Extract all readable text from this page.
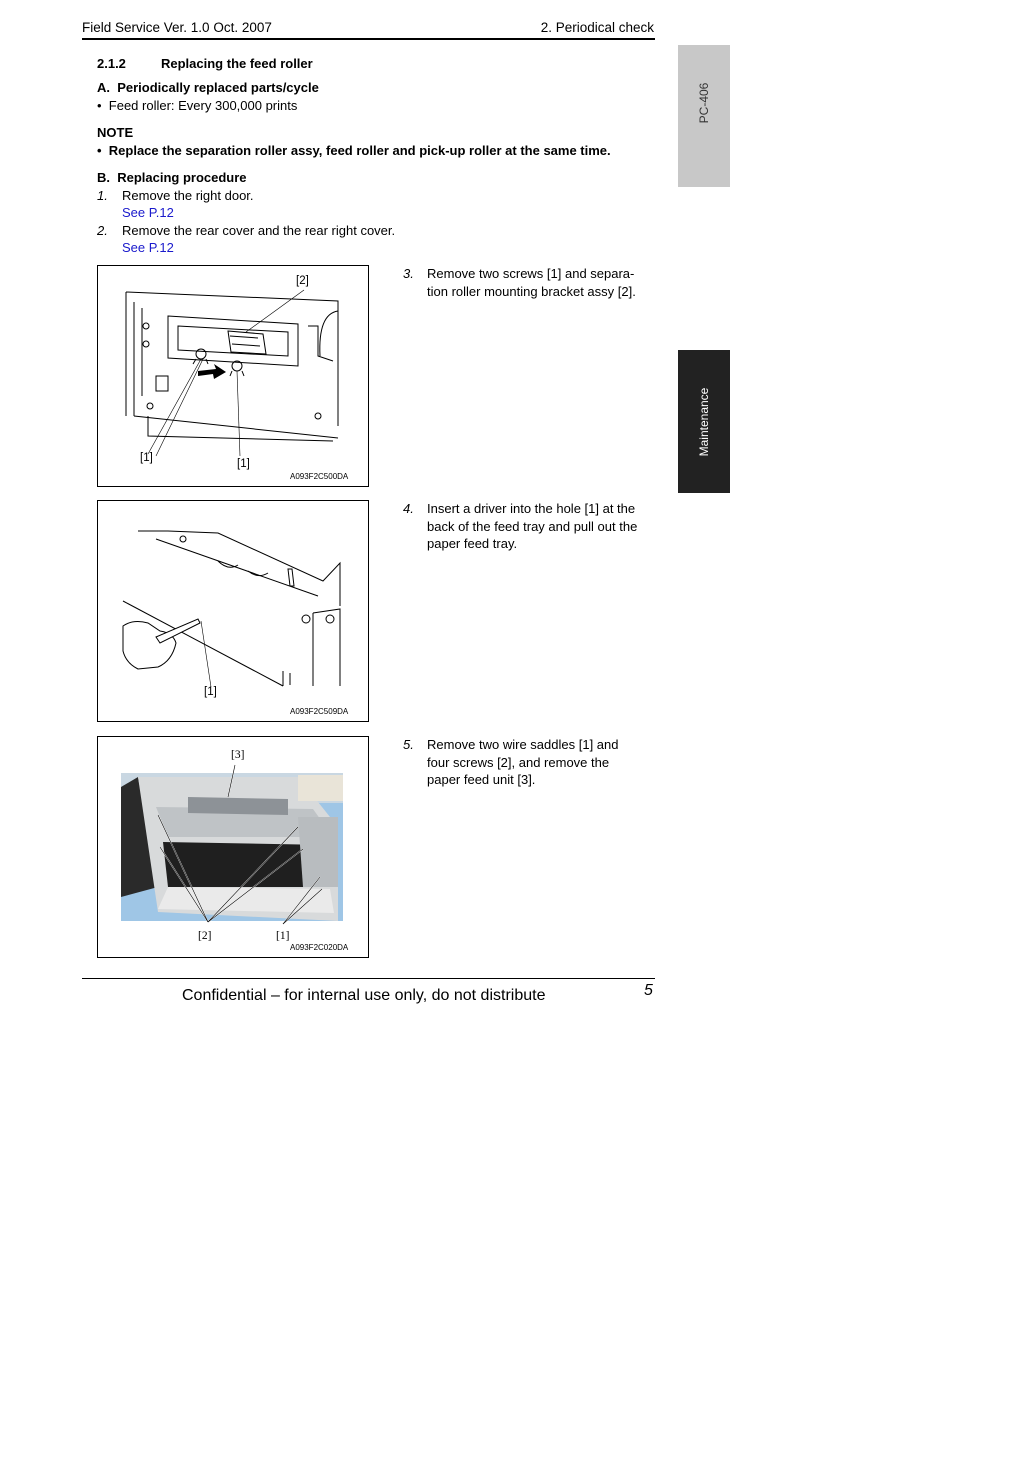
Field Service Ver. 1.0 Oct. 2007	2. Periodical check
PC-406
Maintenance
2.1.2	Replacing the feed roller
A.  Periodically replaced parts/cycle
•  Feed roller: Every 300,000 prints
NOTE
•  Replace the separation roller assy, feed roller and pick-up roller at the same time.
B.  Replacing procedure
1. Remove the right door.
See P.12
2. Remove the rear cover and the rear right cover.
See P.12
3. Remove two screws [1] and separa-
tion roller mounting bracket assy [2].
4. Insert a driver into the hole [1] at the
back of the feed tray and pull out the
paper feed tray.
5. Remove two wire saddles [1] and
four screws [2], and remove the
paper feed unit [3].
[2]
[1]	[1]
A093F2C500DA
[1]
A093F2C509DA
[3]
[2]	[1]
A093F2C020DA
Confidential – for internal use only, do not distribute	5
